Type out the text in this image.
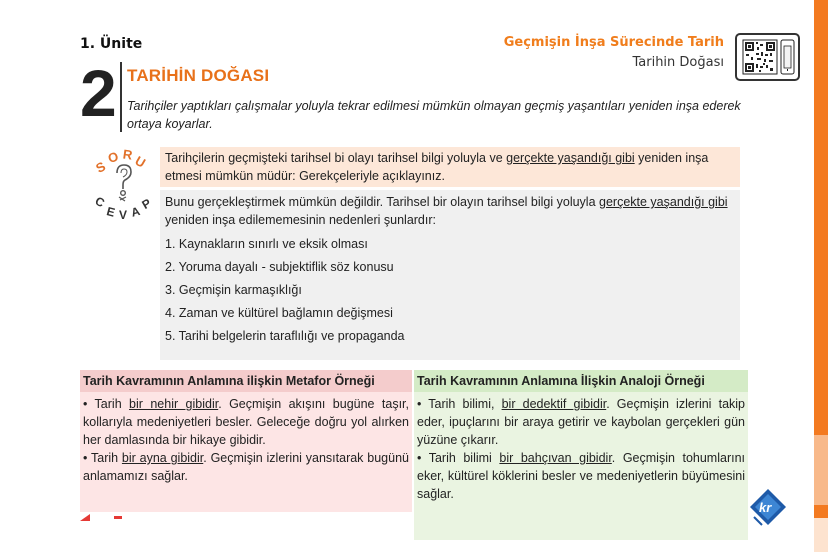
1. Ünite	Geçmişin İnşa Sürecinde Tarih
Tarihin Doğası
2 TARİHİN DOĞASI
Tarihçiler yaptıkları çalışmalar yoluyla tekrar edilmesi mümkün olmayan geçmiş yaşantıları yeniden inşa ederek ortaya koyarlar.
S
O R U
C
E V A
P
Tarihçilerin geçmişteki tarihsel bi olayı tarihsel bilgi yoluyla ve gerçekte yaşandığı gibi yeniden inşa etmesi mümkün müdür: Gerekçeleriyle açıklayınız.
Bunu gerçekleştirmek mümkün değildir. Tarihsel bir olayın tarihsel bilgi yoluyla gerçekte yaşandığı gibi yeniden inşa edilememesinin nedenleri şunlardır:
1. Kaynakların sınırlı ve eksik olması
2. Yoruma dayalı - subjektiflik söz konusu
3. Geçmişin karmaşıklığı
4. Zaman ve kültürel bağlamın değişmesi
5. Tarihi belgelerin taraflılığı ve propaganda
Tarih Kavramının Anlamına ilişkin Metafor Örneği

• Tarih bir nehir gibidir. Geçmişin akışını bugüne taşır, kollarıyla medeniyetleri besler. Geleceğe doğru yol alırken her damlasında bir hikaye gibidir.

• Tarih bir ayna gibidir. Geçmişin izlerini yansıtarak bugünü anlamamızı sağlar.

Tarih Kavramının Anlamına İlişkin Analoji Örneği

• Tarih bilimi, bir dedektif gibidir. Geçmişin izlerini takip eder, ipuçlarını bir araya getirir ve kaybolan gerçekleri gün yüzüne çıkarır.

• Tarih bilimi bir bahçıvan gibidir. Geçmişin tohumlarını eker, kültürel köklerini besler ve medeniyetlerin büyümesini sağlar.

kr
